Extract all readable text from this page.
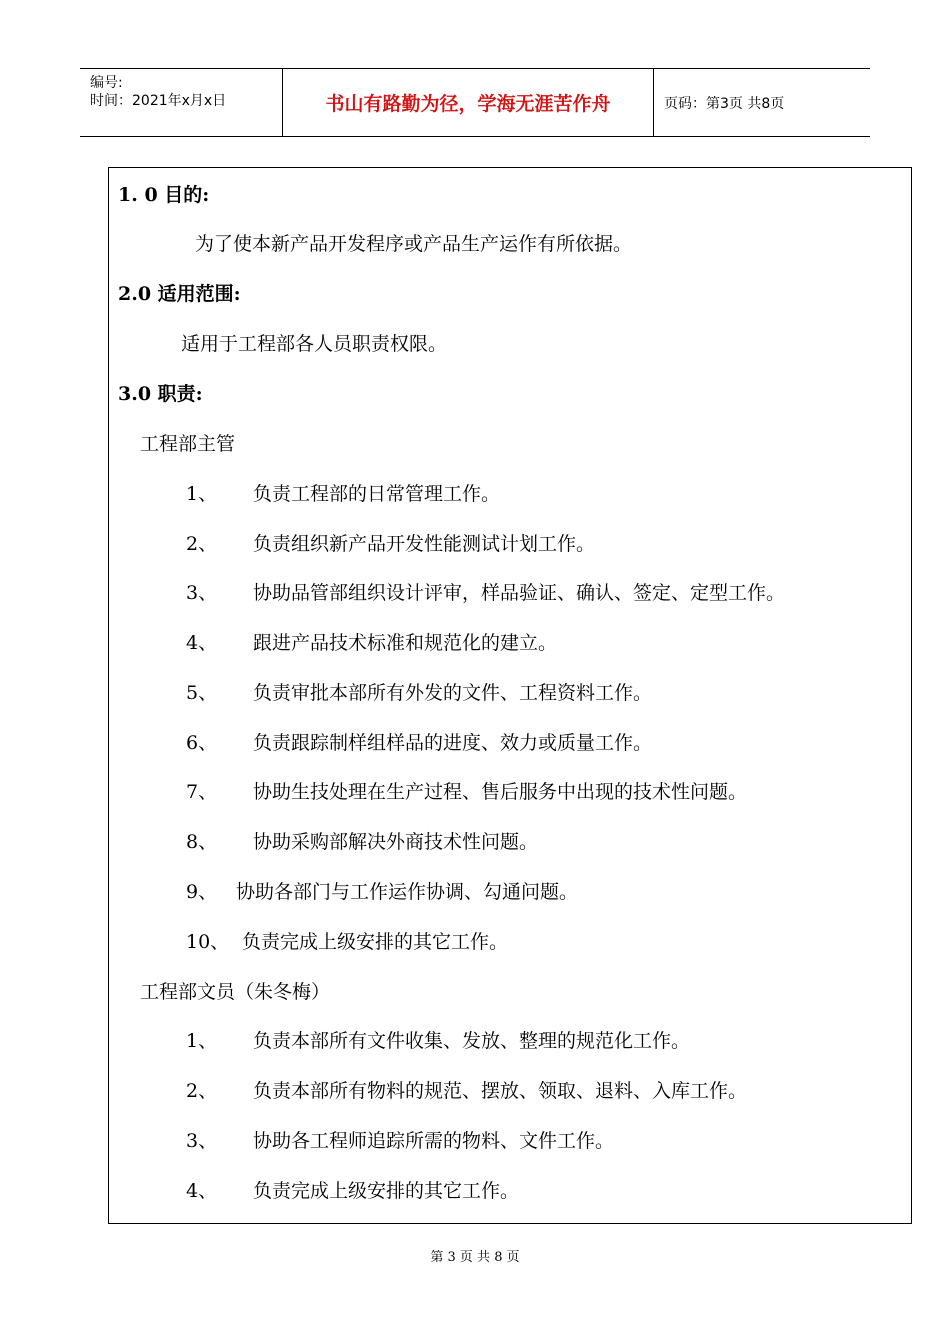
编号:
时间：2021年x月x日	书山有路勤为径，学海无涯苦作舟	页码：第3页 共8页
1. 0 目的:
为了使本新产品开发程序或产品生产运作有所依据。
2.0 适用范围:
适用于工程部各人员职责权限。
3.0 职责:
工程部主管
1、 负责工程部的日常管理工作。
2、 负责组织新产品开发性能测试计划工作。
3、 协助品管部组织设计评审，样品验证、确认、签定、定型工作。
4、 跟进产品技术标准和规范化的建立。
5、 负责审批本部所有外发的文件、工程资料工作。
6、 负责跟踪制样组样品的进度、效力或质量工作。
7、 协助生技处理在生产过程、售后服务中出现的技术性问题。
8、 协助采购部解决外商技术性问题。
9、 协助各部门与工作运作协调、勾通问题。
10、 负责完成上级安排的其它工作。
工程部文员（朱冬梅）
1、 负责本部所有文件收集、发放、整理的规范化工作。
2、 负责本部所有物料的规范、摆放、领取、退料、入库工作。
3、 协助各工程师追踪所需的物料、文件工作。
4、 负责完成上级安排的其它工作。
第 3 页 共 8 页
